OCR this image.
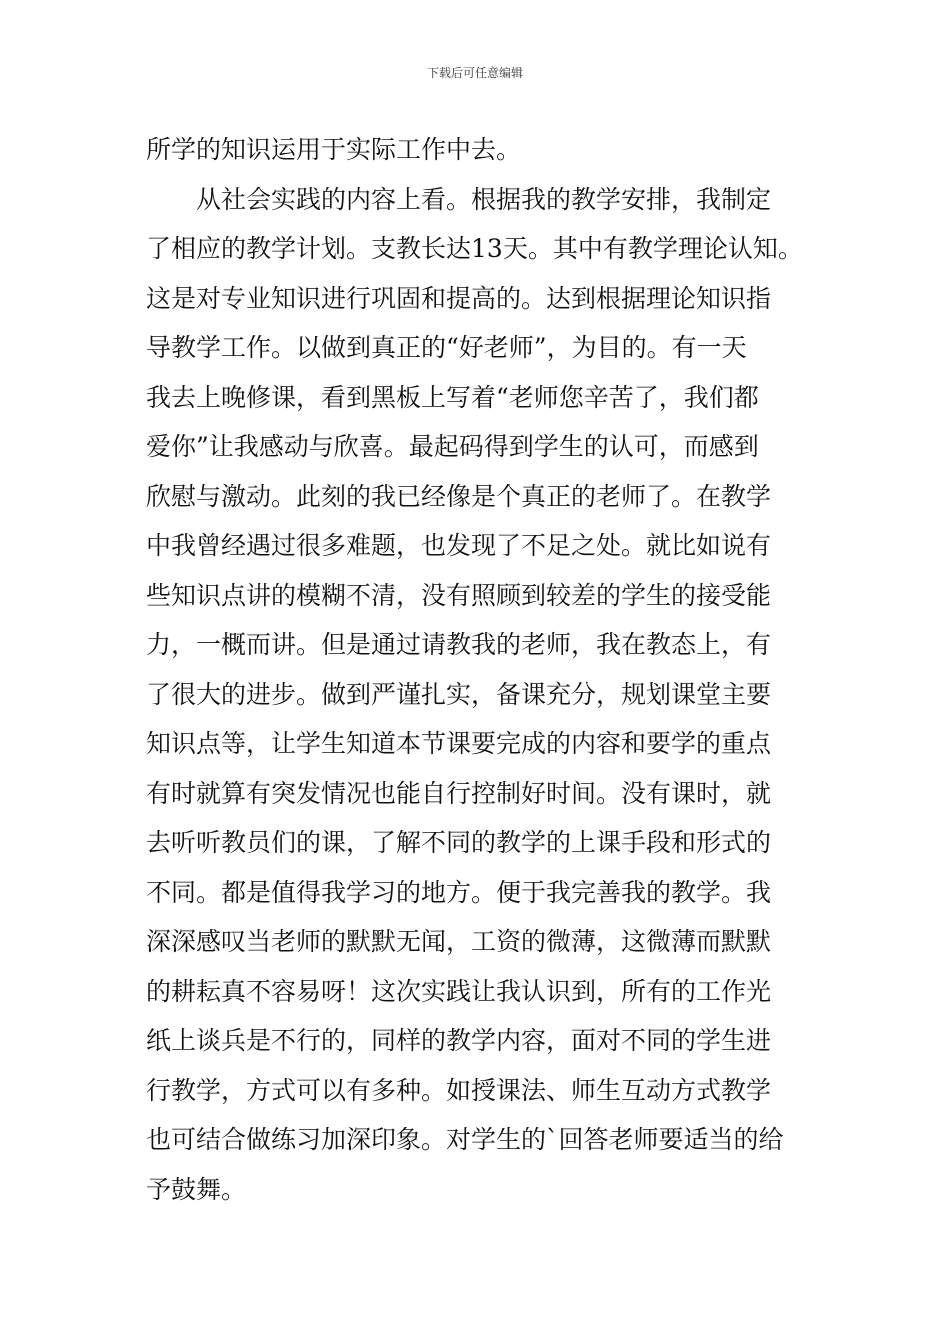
下载后可任意编辑
所学的知识运用于实际工作中去。
　　从社会实践的内容上看。根据我的教学安排，我制定
了相应的教学计划。支教长达13天。其中有教学理论认知。
这是对专业知识进行巩固和提高的。达到根据理论知识指
导教学工作。以做到真正的“好老师”，为目的。有一天
我去上晚修课，看到黑板上写着“老师您辛苦了，我们都
爱你”让我感动与欣喜。最起码得到学生的认可，而感到
欣慰与激动。此刻的我已经像是个真正的老师了。在教学
中我曾经遇过很多难题，也发现了不足之处。就比如说有
些知识点讲的模糊不清，没有照顾到较差的学生的接受能
力，一概而讲。但是通过请教我的老师，我在教态上，有
了很大的进步。做到严谨扎实，备课充分，规划课堂主要
知识点等，让学生知道本节课要完成的内容和要学的重点
有时就算有突发情况也能自行控制好时间。没有课时，就
去听听教员们的课，了解不同的教学的上课手段和形式的
不同。都是值得我学习的地方。便于我完善我的教学。我
深深感叹当老师的默默无闻，工资的微薄，这微薄而默默
的耕耘真不容易呀！这次实践让我认识到，所有的工作光
纸上谈兵是不行的，同样的教学内容，面对不同的学生进
行教学，方式可以有多种。如授课法、师生互动方式教学
也可结合做练习加深印象。对学生的`回答老师要适当的给
予鼓舞。
